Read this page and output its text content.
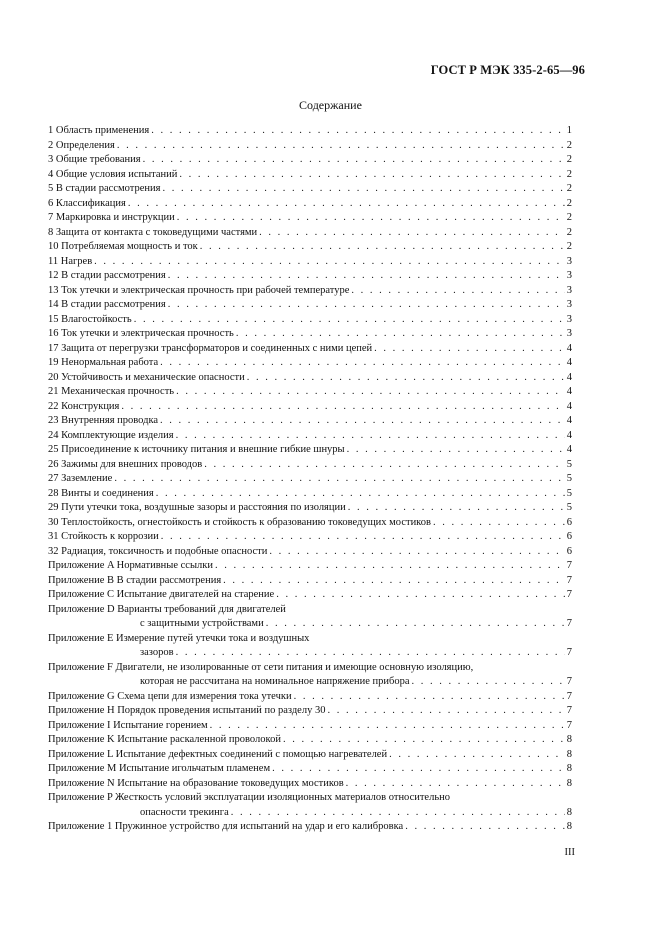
ГОСТ Р МЭК 335-2-65—96
Содержание
1 Область применения . . .	1
2 Определения . . .	2
3 Общие требования . . .	2
4 Общие условия испытаний . . .	2
5 В стадии рассмотрения . . .	2
6 Классификация . . .	2
7 Маркировка и инструкции . . .	2
8 Защита от контакта с токоведущими частями . . .	2
10 Потребляемая мощность и ток . . .	2
11 Нагрев . . .	3
12 В стадии рассмотрения . . .	3
13 Ток утечки и электрическая прочность при рабочей температуре . . .	3
14 В стадии рассмотрения . . .	3
15 Влагостойкость . . .	3
16 Ток утечки и электрическая прочность . . .	3
17 Защита от перегрузки трансформаторов и соединенных с ними цепей . . .	4
19 Ненормальная работа . . .	4
20 Устойчивость и механические опасности . . .	4
21 Механическая прочность . . .	4
22 Конструкция . . .	4
23 Внутренняя проводка . . .	4
24 Комплектующие изделия . . .	4
25 Присоединение к источнику питания и внешние гибкие шнуры . . .	4
26 Зажимы для внешних проводов . . .	5
27 Заземление . . .	5
28 Винты и соединения . . .	5
29 Пути утечки тока, воздушные зазоры и расстояния по изоляции . . .	5
30 Теплостойкость, огнестойкость и стойкость к образованию токоведущих мостиков . . .	6
31 Стойкость к коррозии . . .	6
32 Радиация, токсичность и подобные опасности . . .	6
Приложение A Нормативные ссылки . . .	7
Приложение B В стадии рассмотрения . . .	7
Приложение C Испытание двигателей на старение . . .	7
Приложение D Варианты требований для двигателей
с защитными устройствами . . .	7
Приложение E Измерение путей утечки тока и воздушных
зазоров . . .	7
Приложение F Двигатели, не изолированные от сети питания и имеющие основную изоляцию,
которая не рассчитана на номинальное напряжение прибора . . .	7
Приложение G Схема цепи для измерения тока утечки . . .	7
Приложение H Порядок проведения испытаний по разделу 30 . . .	7
Приложение I Испытание горением . . .	7
Приложение K Испытание раскаленной проволокой . . .	8
Приложение L Испытание дефектных соединений с помощью нагревателей . . .	8
Приложение M Испытание игольчатым пламенем . . .	8
Приложение N Испытание на образование токоведущих мостиков . . .	8
Приложение P Жесткость условий эксплуатации изоляционных материалов относительно
опасности трекинга . . .	8
Приложение 1 Пружинное устройство для испытаний на удар и его калибровка . . .	8
III
